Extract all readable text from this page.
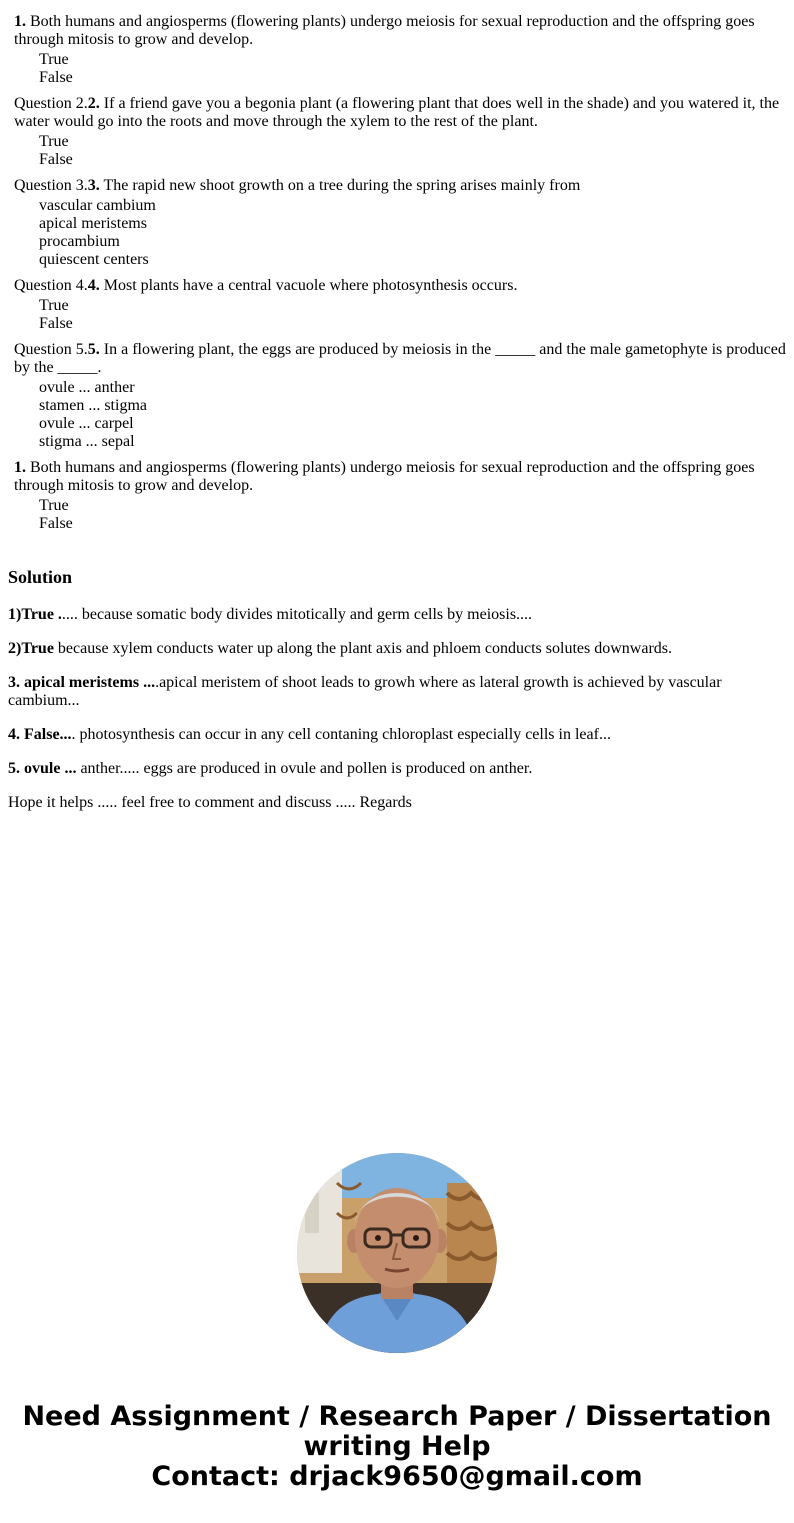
1. Both humans and angiosperms (flowering plants) undergo meiosis for sexual reproduction and the offspring goes through mitosis to grow and develop.

True
False

Question 2.2. If a friend gave you a begonia plant (a flowering plant that does well in the shade) and you watered it, the water would go into the roots and move through the xylem to the rest of the plant.

True
False

Question 3.3. The rapid new shoot growth on a tree during the spring arises mainly from

vascular cambium
apical meristems
procambium
quiescent centers

Question 4.4. Most plants have a central vacuole where photosynthesis occurs.

True
False

Question 5.5. In a flowering plant, the eggs are produced by meiosis in the _____ and the male gametophyte is produced by the _____.

ovule ... anther
stamen ... stigma
ovule ... carpel
stigma ... sepal

1. Both humans and angiosperms (flowering plants) undergo meiosis for sexual reproduction and the offspring goes through mitosis to grow and develop.

True
False
Solution

1)True ..... because somatic body divides mitotically and germ cells by meiosis....

2)True because xylem conducts water up along the plant axis and phloem conducts solutes downwards.

3. apical meristems ....apical meristem of shoot leads to growh where as lateral growth is achieved by vascular cambium...

4. False.... photosynthesis can occur in any cell contaning chloroplast especially cells in leaf...

5. ovule ... anther..... eggs are produced in ovule and pollen is produced on anther.

Hope it helps ..... feel free to comment and discuss ..... Regards

Need Assignment / Research Paper / Dissertation
writing Help
Contact: drjack9650@gmail.com
